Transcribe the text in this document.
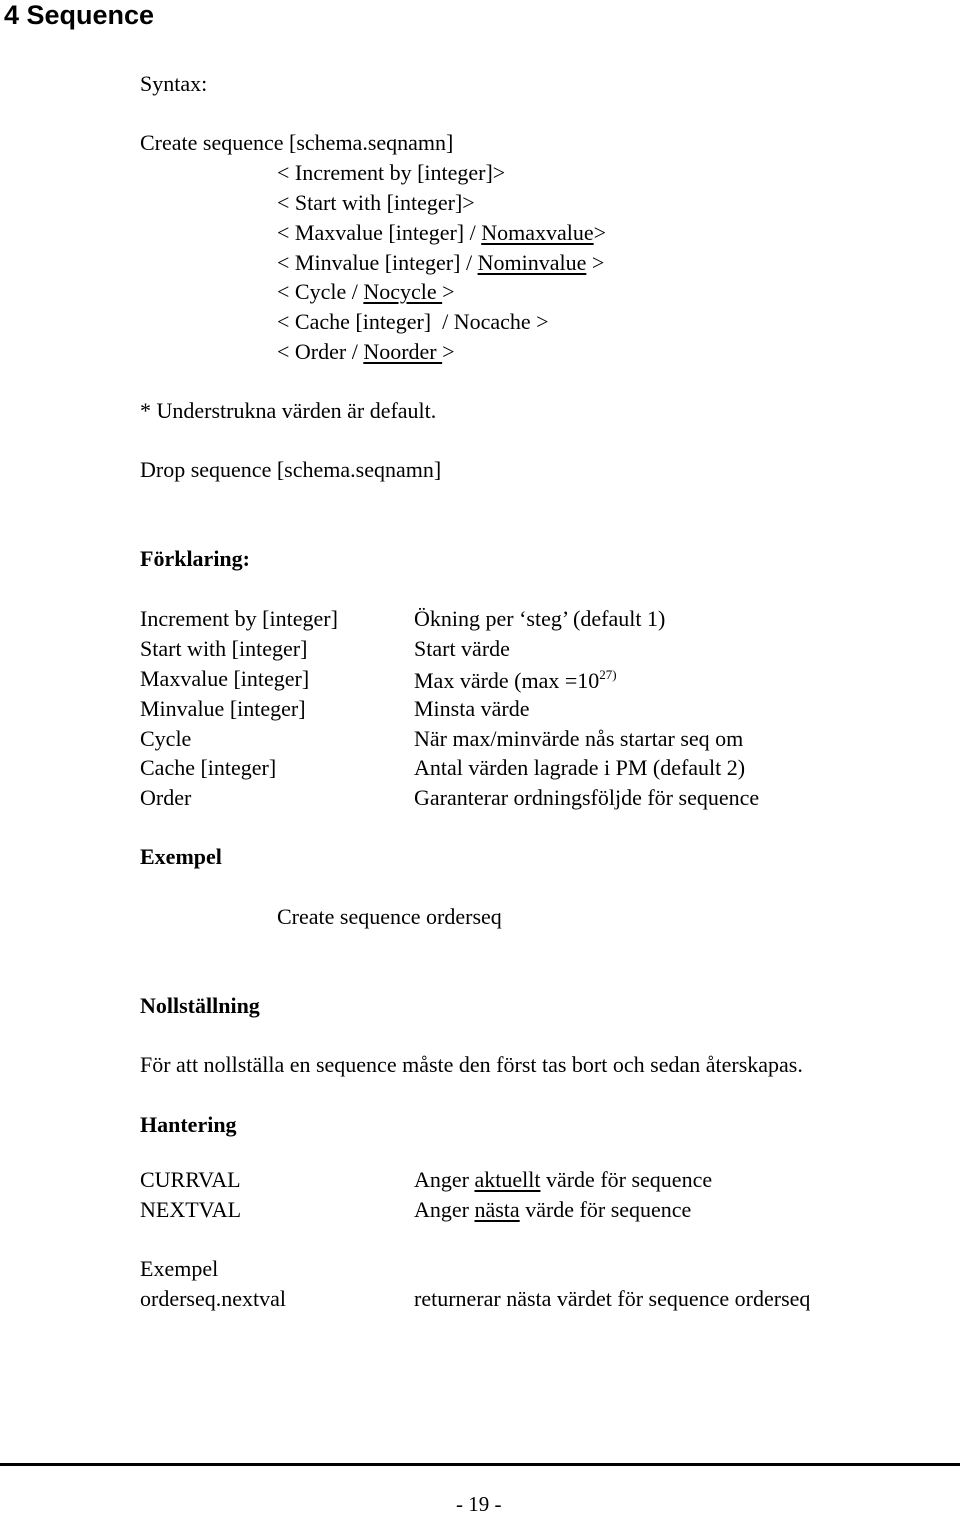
4 Sequence
Syntax:
Create sequence [schema.seqnamn]
< Increment by [integer]>
< Start with [integer]>
< Maxvalue [integer] / Nomaxvalue>
< Minvalue [integer] / Nominvalue >
< Cycle / Nocycle >
< Cache [integer]  / Nocache >
< Order / Noorder >
* Understrukna värden är default.
Drop sequence [schema.seqnamn]
Förklaring:
Increment by [integer]	Ökning per ‘steg’ (default 1)
Start with [integer]	Start värde
Maxvalue [integer]	Max värde ($\max =10^{27)}$
Minvalue [integer]	Minsta värde
Cycle	När max/minvärde nås startar seq om
Cache [integer]	Antal värden lagrade i PM (default 2)
Order	Garanterar ordningsföljde för sequence
Exempel
Create sequence orderseq
Nollställning
För att nollställa en sequence måste den först tas bort och sedan återskapas.
Hantering
CURRVAL	Anger aktuellt värde för sequence
NEXTVAL	Anger nästa värde för sequence
Exempel
orderseq.nextval	returnerar nästa värdet för sequence orderseq
- 19 -
